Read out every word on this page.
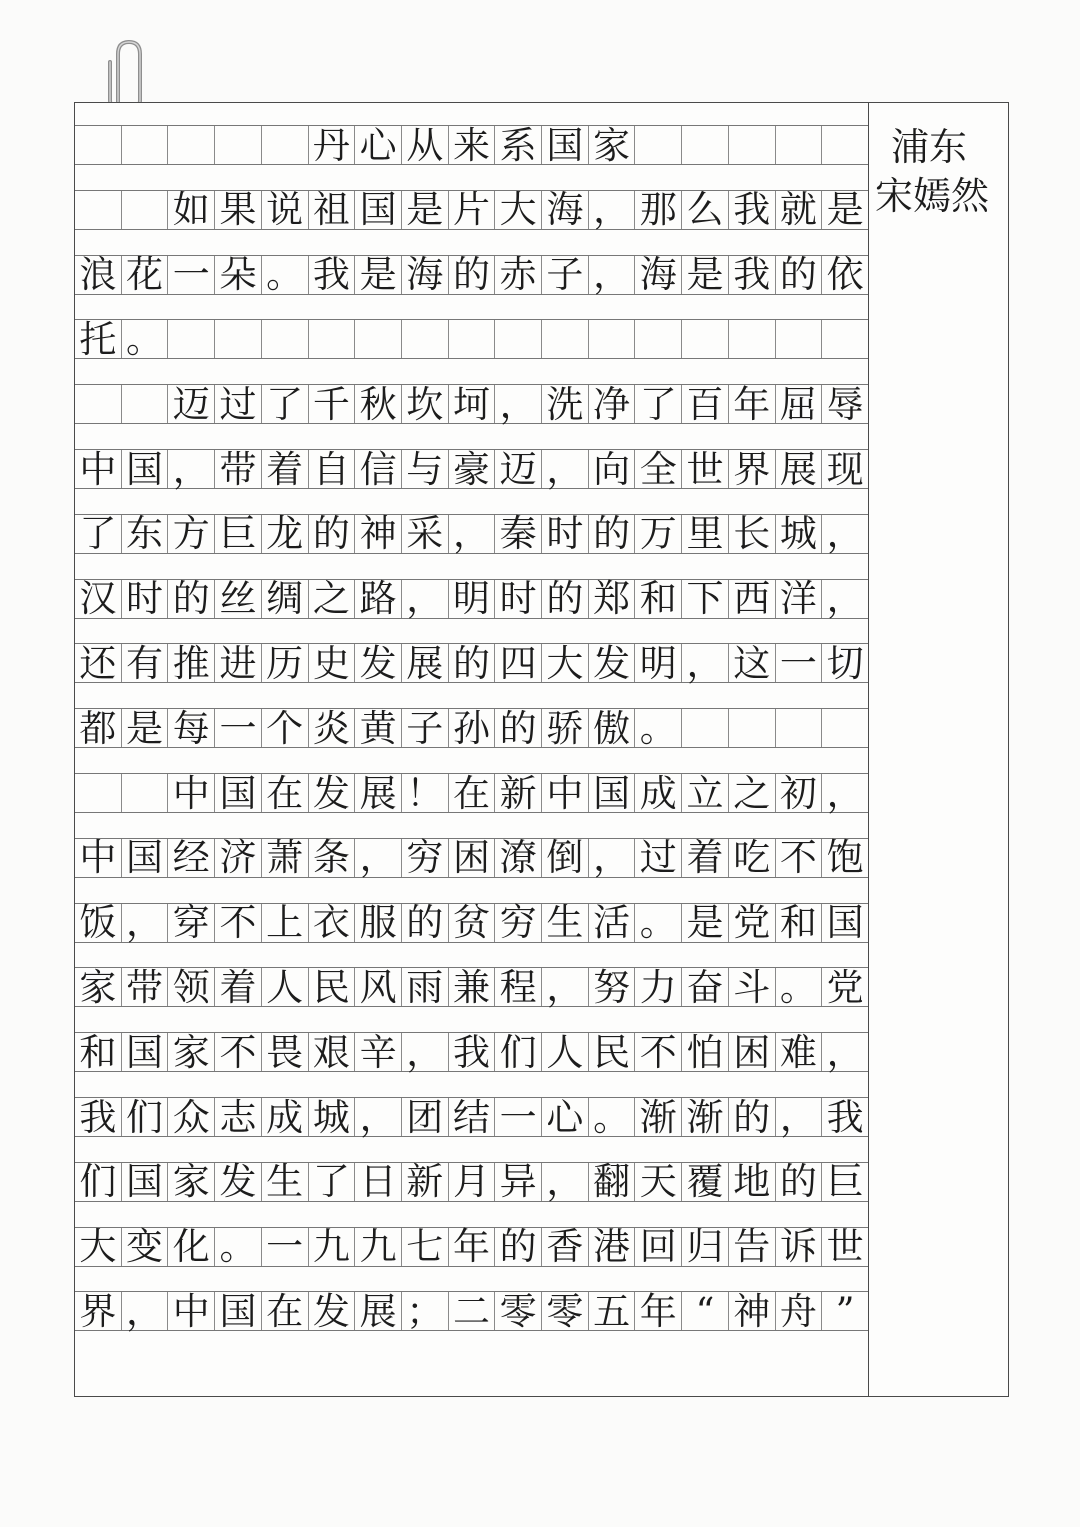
丹 心 从 来 系 国 家
如 果 说 祖 国 是 片 大 海 ， 那 么 我 就 是
浪 花 一 朵 。 我 是 海 的 赤 子 ， 海 是 我 的 依
托 。
迈 过 了 千 秋 坎 坷 ， 洗 净 了 百 年 屈 辱
中 国 ， 带 着 自 信 与 豪 迈 ， 向 全 世 界 展 现
了 东 方 巨 龙 的 神 采 ， 秦 时 的 万 里 长 城 ，
汉 时 的 丝 绸 之 路 ， 明 时 的 郑 和 下 西 洋 ，
还 有 推 进 历 史 发 展 的 四 大 发 明 ， 这 一 切
都 是 每 一 个 炎 黄 子 孙 的 骄 傲 。
中 国 在 发 展 ！ 在 新 中 国 成 立 之 初 ，
中 国 经 济 萧 条 ， 穷 困 潦 倒 ， 过 着 吃 不 饱
饭 ， 穿 不 上 衣 服 的 贫 穷 生 活 。 是 党 和 国
家 带 领 着 人 民 风 雨 兼 程 ， 努 力 奋 斗 。 党
和 国 家 不 畏 艰 辛 ， 我 们 人 民 不 怕 困 难 ，
我 们 众 志 成 城 ， 团 结 一 心 。 渐 渐 的 ， 我
们 国 家 发 生 了 日 新 月 异 ， 翻 天 覆 地 的 巨
大 变 化 。 一 九 九 七 年 的 香 港 回 归 告 诉 世
界 ， 中 国 在 发 展 ； 二 零 零 五 年 “ 神 舟 ”
浦东
宋嫣然
